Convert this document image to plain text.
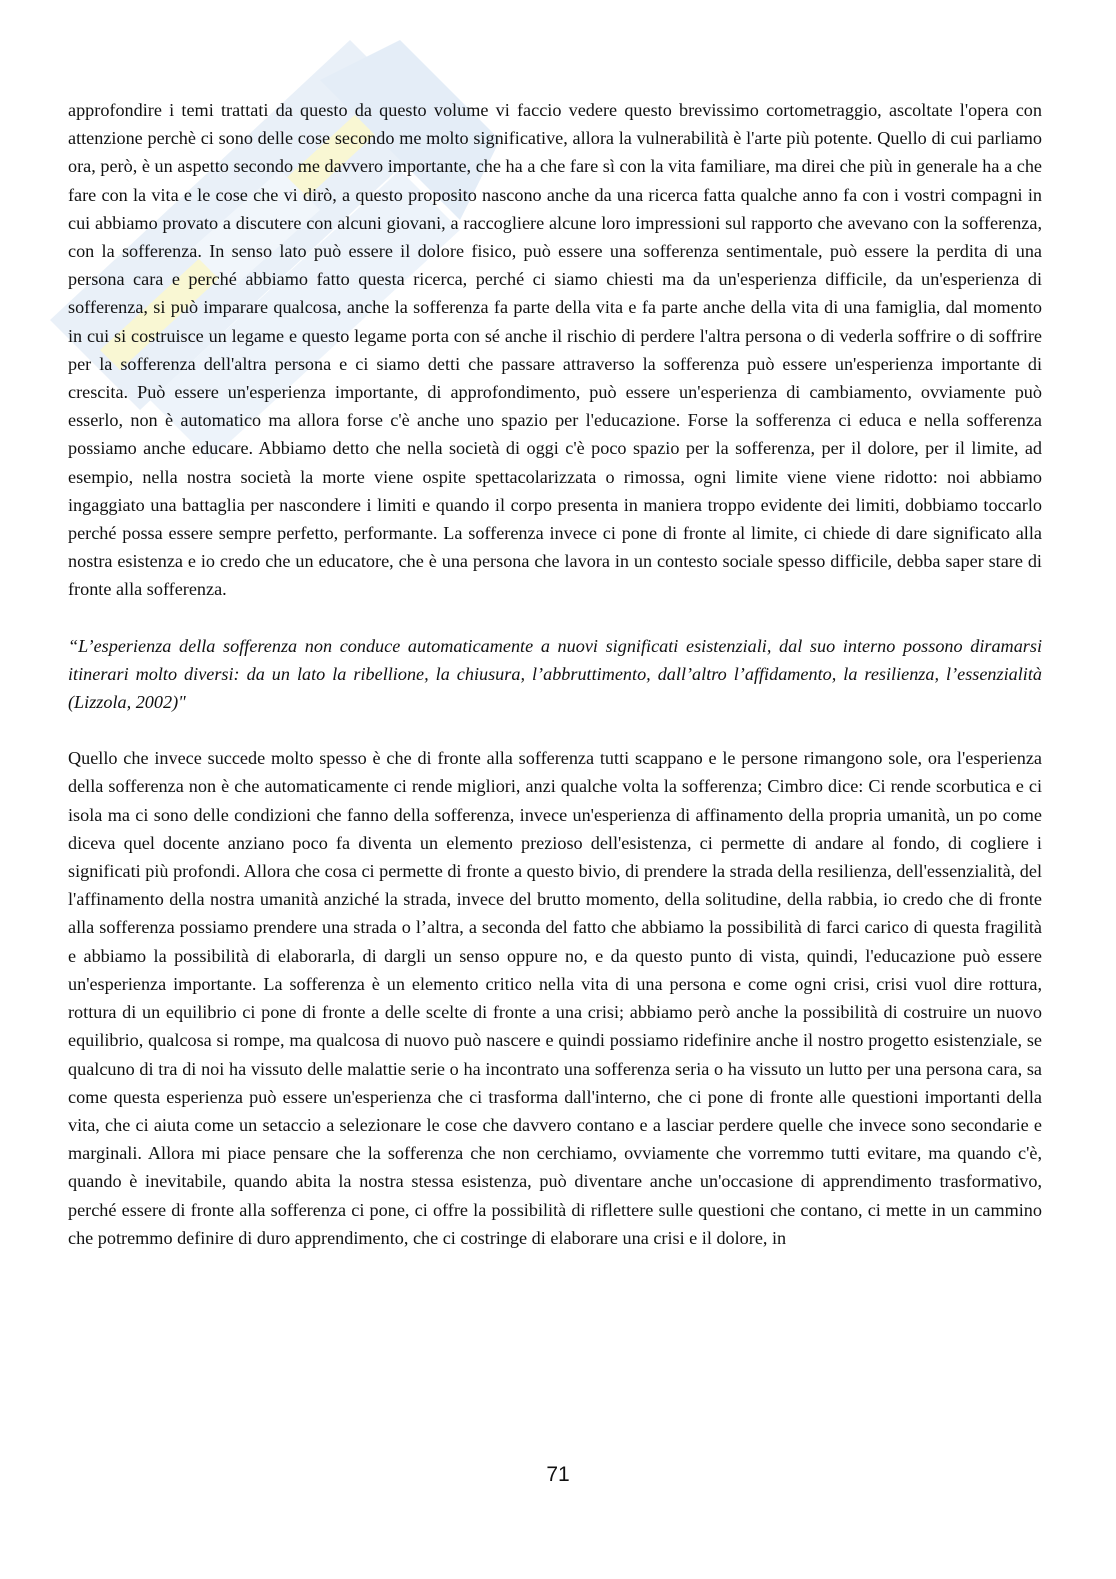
approfondire i temi trattati da questo da questo volume vi faccio vedere questo brevissimo cortometraggio, ascoltate l'opera con attenzione perchè ci sono delle cose secondo me molto significative, allora la vulnerabilità è l'arte più potente. Quello di cui parliamo ora, però, è un aspetto secondo me davvero importante, che ha a che fare sì con la vita familiare, ma direi che più in generale ha a che fare con la vita e le cose che vi dirò, a questo proposito nascono anche da una ricerca fatta qualche anno fa con i vostri compagni in cui abbiamo provato a discutere con alcuni giovani, a raccogliere alcune loro impressioni sul rapporto che avevano con la sofferenza, con la sofferenza. In senso lato può essere il dolore fisico, può essere una sofferenza sentimentale, può essere la perdita di una persona cara e perché abbiamo fatto questa ricerca, perché ci siamo chiesti ma da un'esperienza difficile, da un'esperienza di sofferenza, si può imparare qualcosa, anche la sofferenza fa parte della vita e fa parte anche della vita di una famiglia, dal momento in cui si costruisce un legame e questo legame porta con sé anche il rischio di perdere l'altra persona o di vederla soffrire o di soffrire per la sofferenza dell'altra persona e ci siamo detti che passare attraverso la sofferenza può essere un'esperienza importante di crescita. Può essere un'esperienza importante, di approfondimento, può essere un'esperienza di cambiamento, ovviamente può esserlo, non è automatico ma allora forse c'è anche uno spazio per l'educazione. Forse la sofferenza ci educa e nella sofferenza possiamo anche educare. Abbiamo detto che nella società di oggi c'è poco spazio per la sofferenza, per il dolore, per il limite, ad esempio, nella nostra società la morte viene ospite spettacolarizzata o rimossa, ogni limite viene viene ridotto: noi abbiamo ingaggiato una battaglia per nascondere i limiti e quando il corpo presenta in maniera troppo evidente dei limiti, dobbiamo toccarlo perché possa essere sempre perfetto, performante. La sofferenza invece ci pone di fronte al limite, ci chiede di dare significato alla nostra esistenza e io credo che un educatore, che è una persona che lavora in un contesto sociale spesso difficile, debba saper stare di fronte alla sofferenza.

“L’esperienza della sofferenza non conduce automaticamente a nuovi significati esistenziali, dal suo interno possono diramarsi itinerari molto diversi: da un lato la ribellione, la chiusura, l’abbruttimento, dall’altro l’affidamento, la resilienza, l’essenzialità (Lizzola, 2002)"

Quello che invece succede molto spesso è che di fronte alla sofferenza tutti scappano e le persone rimangono sole, ora l'esperienza della sofferenza non è che automaticamente ci rende migliori, anzi qualche volta la sofferenza; Cimbro dice: Ci rende scorbutica e ci isola ma ci sono delle condizioni che fanno della sofferenza, invece un'esperienza di affinamento della propria umanità, un po come diceva quel docente anziano poco fa diventa un elemento prezioso dell'esistenza, ci permette di andare al fondo, di cogliere i significati più profondi. Allora che cosa ci permette di fronte a questo bivio, di prendere la strada della resilienza, dell'essenzialità, del l'affinamento della nostra umanità anziché la strada, invece del brutto momento, della solitudine, della rabbia, io credo che di fronte alla sofferenza possiamo prendere una strada o l’altra, a seconda del fatto che abbiamo la possibilità di farci carico di questa fragilità e abbiamo la possibilità di elaborarla, di dargli un senso oppure no, e da questo punto di vista, quindi, l'educazione può essere un'esperienza importante. La sofferenza è un elemento critico nella vita di una persona e come ogni crisi, crisi vuol dire rottura, rottura di un equilibrio ci pone di fronte a delle scelte di fronte a una crisi; abbiamo però anche la possibilità di costruire un nuovo equilibrio, qualcosa si rompe, ma qualcosa di nuovo può nascere e quindi possiamo ridefinire anche il nostro progetto esistenziale, se qualcuno di tra di noi ha vissuto delle malattie serie o ha incontrato una sofferenza seria o ha vissuto un lutto per una persona cara, sa come questa esperienza può essere un'esperienza che ci trasforma dall'interno, che ci pone di fronte alle questioni importanti della vita, che ci aiuta come un setaccio a selezionare le cose che davvero contano e a lasciar perdere quelle che invece sono secondarie e marginali. Allora mi piace pensare che la sofferenza che non cerchiamo, ovviamente che vorremmo tutti evitare, ma quando c'è, quando è inevitabile, quando abita la nostra stessa esistenza, può diventare anche un'occasione di apprendimento trasformativo, perché essere di fronte alla sofferenza ci pone, ci offre la possibilità di riflettere sulle questioni che contano, ci mette in un cammino che potremmo definire di duro apprendimento, che ci costringe di elaborare una crisi e il dolore, in

71
